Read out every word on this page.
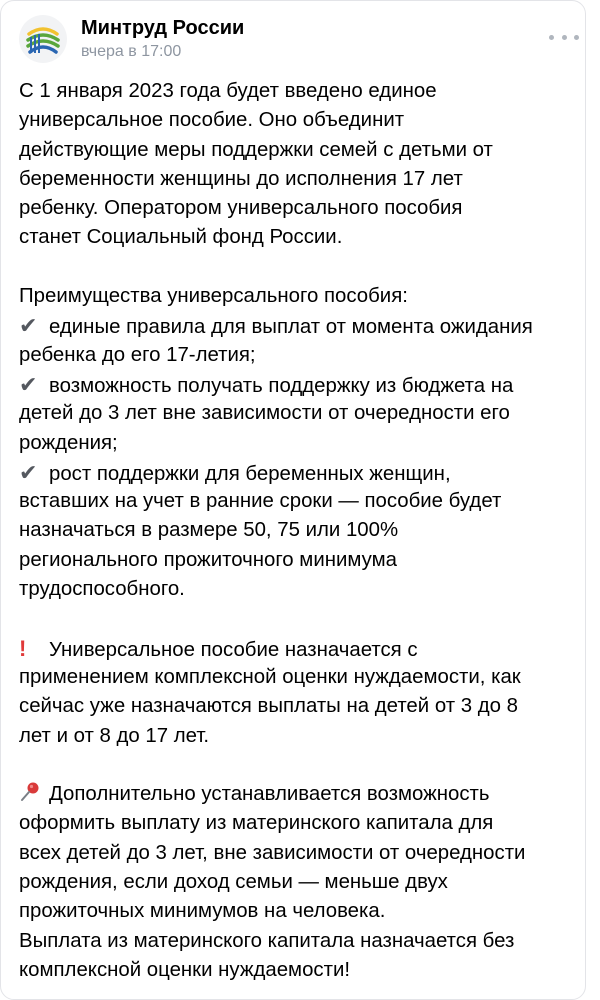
Минтруд России
вчера в 17:00
С 1 января 2023 года будет введено единое
универсальное пособие. Оно объединит
действующие меры поддержки семей с детьми от
беременности женщины до исполнения 17 лет
ребенку. Оператором универсального пособия
станет Социальный фонд России.
Преимущества универсального пособия:
✔ единые правила для выплат от момента ожидания
ребенка до его 17-летия;
✔ возможность получать поддержку из бюджета на
детей до 3 лет вне зависимости от очередности его
рождения;
✔ рост поддержки для беременных женщин,
вставших на учет в ранние сроки — пособие будет
назначаться в размере 50, 75 или 100%
регионального прожиточного минимума
трудоспособного.
! Универсальное пособие назначается с
применением комплексной оценки нуждаемости, как
сейчас уже назначаются выплаты на детей от 3 до 8
лет и от 8 до 17 лет.
Дополнительно устанавливается возможность
оформить выплату из материнского капитала для
всех детей до 3 лет, вне зависимости от очередности
рождения, если доход семьи — меньше двух
прожиточных минимумов на человека.
Выплата из материнского капитала назначается без
комплексной оценки нуждаемости!
